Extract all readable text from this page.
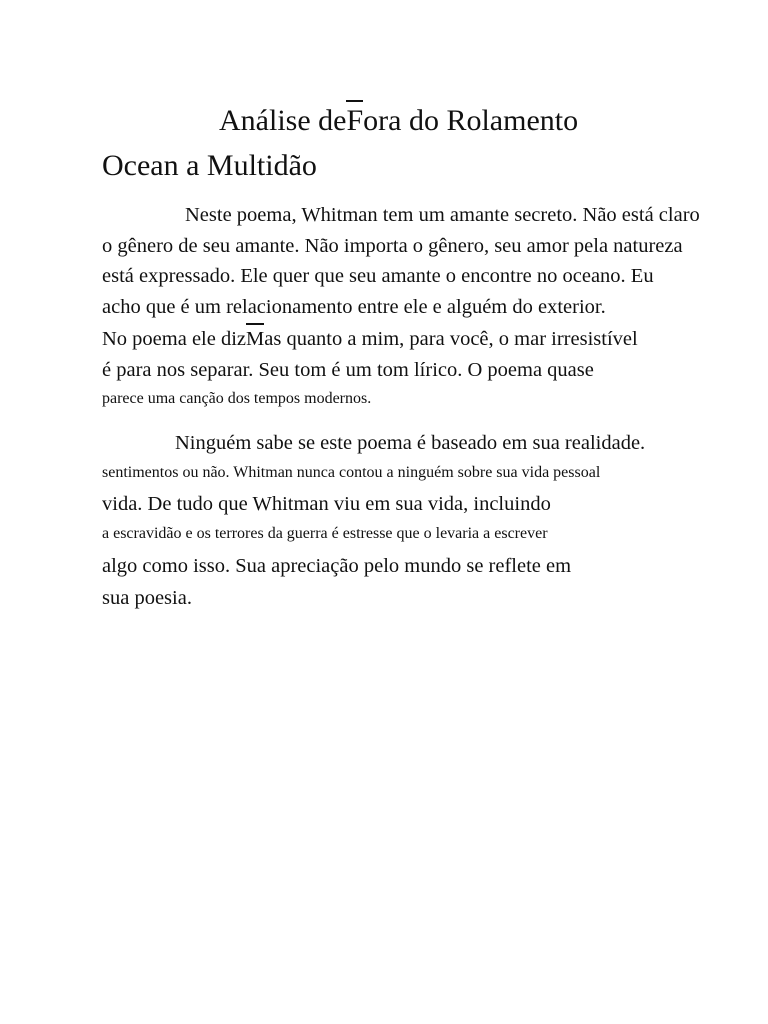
Análise deFora do Rolamento
Ocean a Multidão
Neste poema, Whitman tem um amante secreto. Não está claro
o gênero de seu amante. Não importa o gênero, seu amor pela natureza
está expressado. Ele quer que seu amante o encontre no oceano. Eu
acho que é um relacionamento entre ele e alguém do exterior.
No poema ele dizMas quanto a mim, para você, o mar irresistível
é para nos separar. Seu tom é um tom lírico. O poema quase
parece uma canção dos tempos modernos.
Ninguém sabe se este poema é baseado em sua realidade.
sentimentos ou não. Whitman nunca contou a ninguém sobre sua vida pessoal
vida. De tudo que Whitman viu em sua vida, incluindo
a escravidão e os terrores da guerra é estresse que o levaria a escrever
algo como isso. Sua apreciação pelo mundo se reflete em
sua poesia.
